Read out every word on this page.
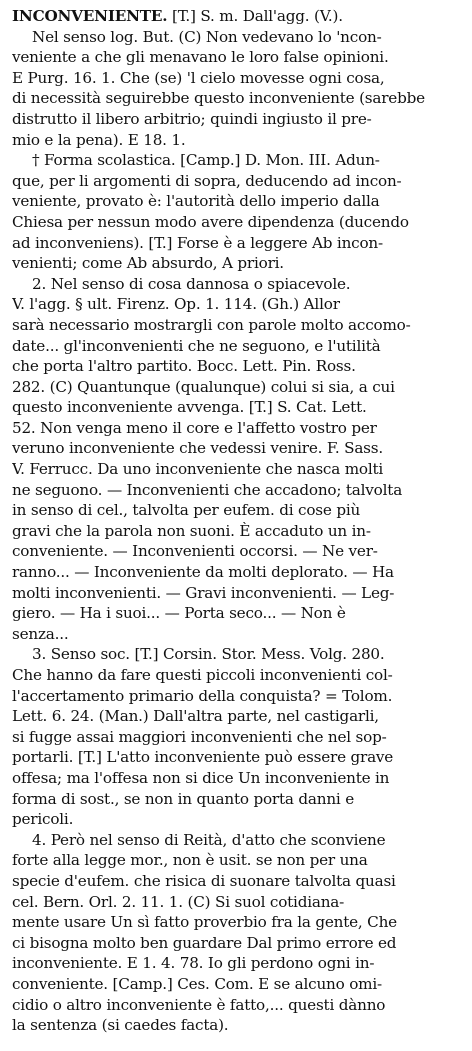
INCONVENIENTE. [T.] S. m. Dall'agg. (V.).
Nel senso log. But. (C) Non vedevano lo 'ncon-
veniente a che gli menavano le loro false opinioni.
E Purg. 16. 1. Che (se) 'l cielo movesse ogni cosa,
di necessità seguirebbe questo inconveniente (sarebbe
distrutto il libero arbitrio; quindi ingiusto il pre-
mio e la pena). E 18. 1.
† Forma scolastica. [Camp.] D. Mon. III. Adun-
que, per li argomenti di sopra, deducendo ad incon-
veniente, provato è: l'autorità dello imperio dalla
Chiesa per nessun modo avere dipendenza (ducendo
ad inconveniens). [T.] Forse è a leggere Ab incon-
venienti; come Ab absurdo, A priori.
2. Nel senso di cosa dannosa o spiacevole.
V. l'agg. § ult. Firenz. Op. 1. 114. (Gh.) Allor
sarà necessario mostrargli con parole molto accomo-
date... gl'inconvenienti che ne seguono, e l'utilità
che porta l'altro partito. Bocc. Lett. Pin. Ross.
282. (C) Quantunque (qualunque) colui si sia, a cui
questo inconveniente avvenga. [T.] S. Cat. Lett.
52. Non venga meno il core e l'affetto vostro per
veruno inconveniente che vedessi venire. F. Sass.
V. Ferrucc. Da uno inconveniente che nasca molti
ne seguono. — Inconvenienti che accadono; talvolta
in senso di cel., talvolta per eufem. di cose più
gravi che la parola non suoni. È accaduto un in-
conveniente. — Inconvenienti occorsi. — Ne ver-
ranno... — Inconveniente da molti deplorato. — Ha
molti inconvenienti. — Gravi inconvenienti. — Leg-
giero. — Ha i suoi... — Porta seco... — Non è
senza...
3. Senso soc. [T.] Corsin. Stor. Mess. Volg. 280.
Che hanno da fare questi piccoli inconvenienti col-
l'accertamento primario della conquista? = Tolom.
Lett. 6. 24. (Man.) Dall'altra parte, nel castigarli,
si fugge assai maggiori inconvenienti che nel sop-
portarli. [T.] L'atto inconveniente può essere grave
offesa; ma l'offesa non si dice Un inconveniente in
forma di sost., se non in quanto porta danni e
pericoli.
4. Però nel senso di Reità, d'atto che sconviene
forte alla legge mor., non è usit. se non per una
specie d'eufem. che risica di suonare talvolta quasi
cel. Bern. Orl. 2. 11. 1. (C) Si suol cotidiana-
mente usare Un sì fatto proverbio fra la gente, Che
ci bisogna molto ben guardare Dal primo errore ed
inconveniente. E 1. 4. 78. Io gli perdono ogni in-
conveniente. [Camp.] Ces. Com. E se alcuno omi-
cidio o altro inconveniente è fatto,... questi dànno
la sentenza (si caedes facta).
